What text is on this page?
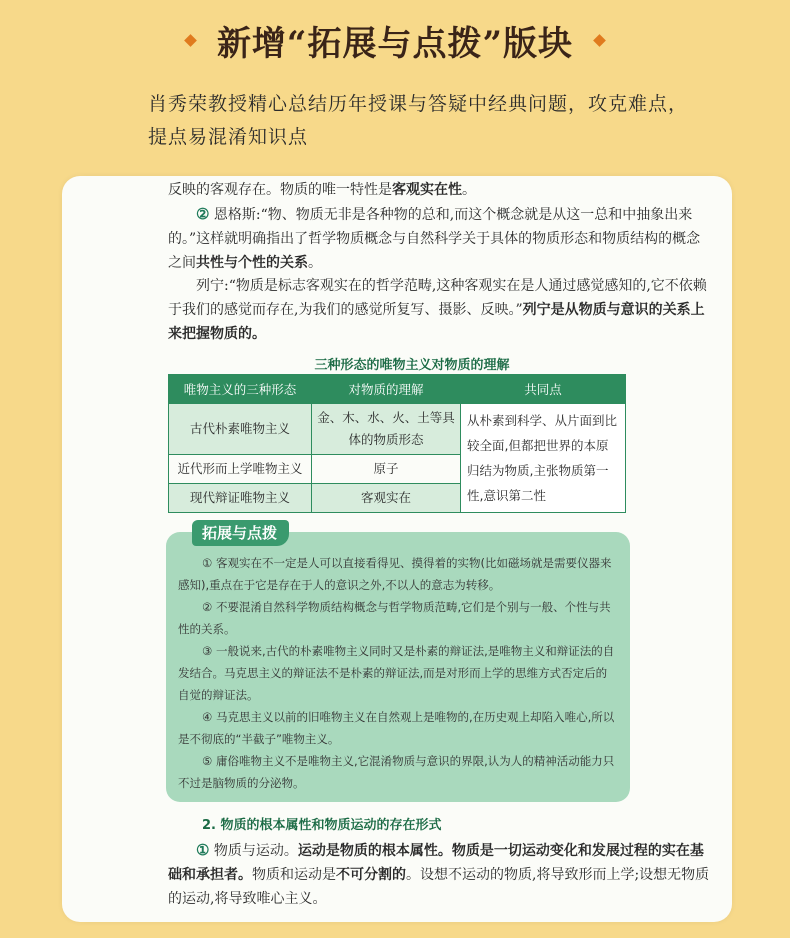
新增“拓展与点拨”版块
肖秀荣教授精心总结历年授课与答疑中经典问题，攻克难点，提点易混淆知识点
反映的客观存在。物质的唯一特性是客观实在性。
② 恩格斯:“物、物质无非是各种物的总和,而这个概念就是从这一总和中抽象出来的。”这样就明确指出了哲学物质概念与自然科学关于具体的物质形态和物质结构的概念之间共性与个性的关系。
列宁:“物质是标志客观实在的哲学范畴,这种客观实在是人通过感觉感知的,它不依赖于我们的感觉而存在,为我们的感觉所复写、摄影、反映。”列宁是从物质与意识的关系上来把握物质的。
三种形态的唯物主义对物质的理解
唯物主义的三种形态	对物质的理解	共同点
古代朴素唯物主义	金、木、水、火、土等具体的物质形态	从朴素到科学、从片面到比较全面,但都把世界的本原归结为物质,主张物质第一性,意识第二性
近代形而上学唯物主义	原子	
现代辩证唯物主义	客观实在	
拓展与点拨
① 客观实在不一定是人可以直接看得见、摸得着的实物(比如磁场就是需要仪器来感知),重点在于它是存在于人的意识之外,不以人的意志为转移。
② 不要混淆自然科学物质结构概念与哲学物质范畴,它们是个别与一般、个性与共性的关系。
③ 一般说来,古代的朴素唯物主义同时又是朴素的辩证法,是唯物主义和辩证法的自发结合。马克思主义的辩证法不是朴素的辩证法,而是对形而上学的思维方式否定后的自觉的辩证法。
④ 马克思主义以前的旧唯物主义在自然观上是唯物的,在历史观上却陷入唯心,所以是不彻底的“半截子”唯物主义。
⑤ 庸俗唯物主义不是唯物主义,它混淆物质与意识的界限,认为人的精神活动能力只不过是脑物质的分泌物。
2. 物质的根本属性和物质运动的存在形式
① 物质与运动。运动是物质的根本属性。物质是一切运动变化和发展过程的实在基础和承担者。物质和运动是不可分割的。设想不运动的物质,将导致形而上学;设想无物质的运动,将导致唯心主义。
